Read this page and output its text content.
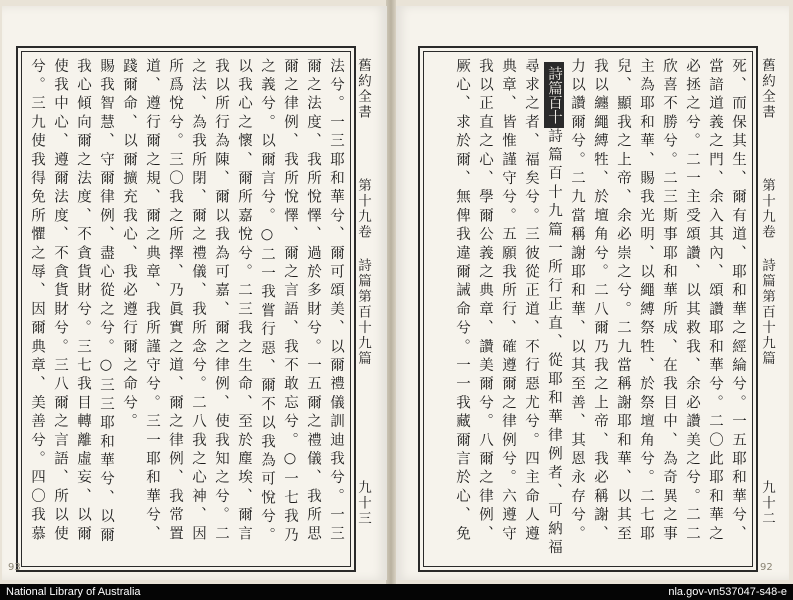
法兮。一三耶和華兮、爾可頌美、以爾禮儀訓迪我兮。一三
爾之法度、我所悅懌、過於多財兮。一五爾之禮儀、我所思
爾之律例、我所悅懌、爾之言語、我不敢忘兮。○一七我乃
之義兮。以爾言兮。○二一我嘗行惡、爾不以我為可悅兮。
以我心之懷、爾所嘉悅兮。二三我之生命、至於塵埃、爾言
我以所行為陳、爾以我為可嘉、爾之律例、使我知之兮。二
之法、為我所閉、爾之禮儀、我所念兮。二八我之心神、因
所爲悅兮。三〇我之所擇、乃眞實之道、爾之律例、我常置
道、遵行爾之規、爾之典章、我所謹守兮。三一耶和華兮、
踐爾命、以爾擴充我心、我必遵行爾之命兮。
賜我智慧、守爾律例、盡心從之兮。○三三耶和華兮、以爾
我心傾向爾之法度、不貪貨財兮。三七我目轉離虛妄、以爾
使我中心、遵爾法度、不貪貨財兮。三八爾之言語、所以使
兮。三九使我得免所懼之辱、因爾典章、美善兮。四〇我慕
舊約全書
第十九卷
詩篇第百十九篇
九十三
93
死、而保其生、爾有道、耶和華之經綸兮。一五耶和華兮、
當諳道義之門、余入其內、頌讚耶和華兮。二〇此耶和華之
必拯之兮。二一主受頌讚、以其救我、余必讚美之兮。二二
欣喜不勝兮。二三斯事耶和華所成、在我目中、為奇異之事
主為耶和華、賜我光明、以繩縛祭牲、於祭壇角兮。二七耶
兒、顯我之上帝、余必崇之兮。二九當稱謝耶和華、以其至
我以纏繩縛牲、於壇角兮。二八爾乃我之上帝、我必稱謝、
力以讚爾兮。二九當稱謝耶和華、以其至善、其恩永存兮。
詩篇百十
詩篇百十九篇一所行正直、從耶和華律例者、可納福
尋求之者、福矣兮。三彼從正道、不行惡尤兮。四主命人遵
典章、皆惟謹守兮。五願我所行、確遵爾之律例兮。六遵守
我以正直之心、學爾公義之典章、讚美爾兮。八爾之律例、
厥心、求於爾、無俾我違爾誡命兮。一一我藏爾言於心、免
舊約全書
第十九卷
詩篇第百十九篇
九十二
92
National Library of Australia	nla.gov-vn537047-s48-e
